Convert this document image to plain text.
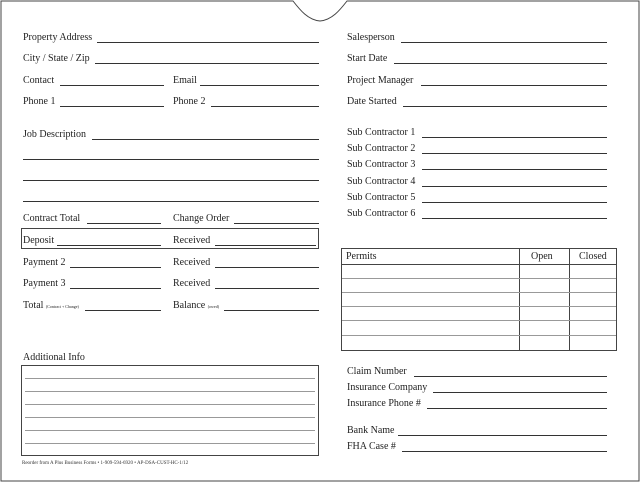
Property Address
City / State / Zip
Contact	Email
Phone 1	Phone 2
Job Description
Contract Total	Change Order
Deposit	Received
Payment 2	Received
Payment 3	Received
Total (Contract + Change)	Balance (owed)
Additional Info
Reorder from A Plus Business Forms • 1-909-594-6920 • AP-DSA-CUST-HC-1/12
Salesperson
Start Date
Project Manager
Date Started
Sub Contractor 1
Sub Contractor 2
Sub Contractor 3
Sub Contractor 4
Sub Contractor 5
Sub Contractor 6
Permits	Open	Closed
Claim Number
Insurance Company
Insurance Phone #
Bank Name
FHA Case #
